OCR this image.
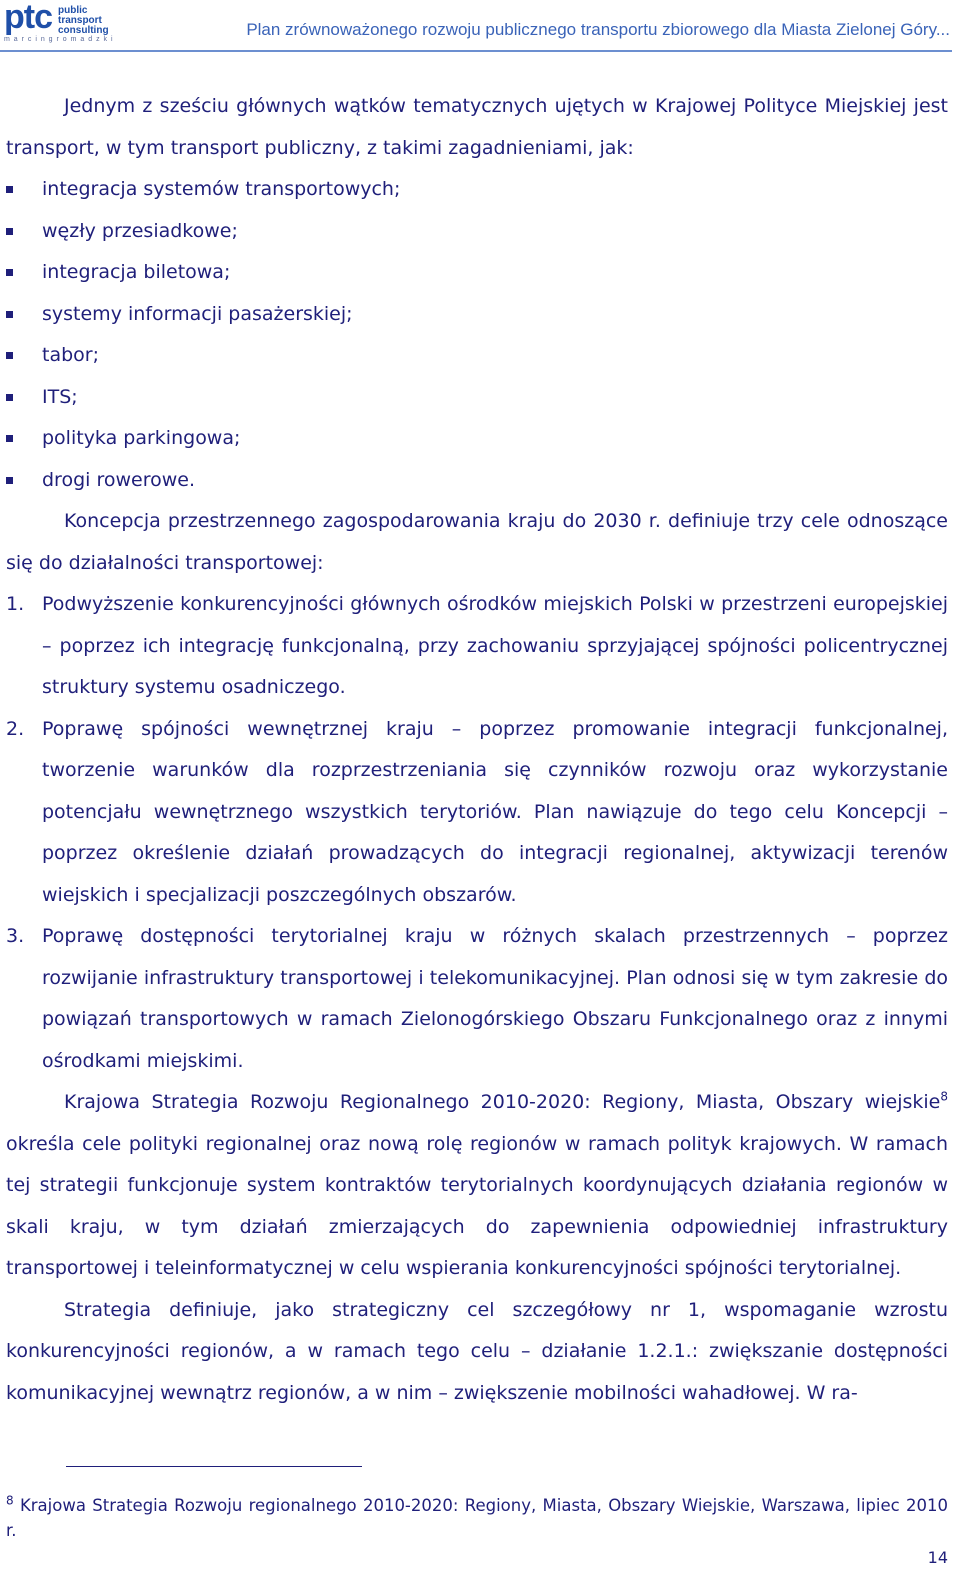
ptc public
transport
consulting
m a r c i n g r o m a d z k i
Plan zrównoważonego rozwoju publicznego transportu zbiorowego dla Miasta Zielonej Góry...

Jednym z sześciu głównych wątków tematycznych ujętych w Krajowej Polityce Miejskiej jest transport, w tym transport publiczny, z takimi zagadnieniami, jak:

integracja systemów transportowych;
węzły przesiadkowe;
integracja biletowa;
systemy informacji pasażerskiej;
tabor;
ITS;
polityka parkingowa;
drogi rowerowe.

Koncepcja przestrzennego zagospodarowania kraju do 2030 r. definiuje trzy cele odnoszące się do działalności transportowej:

1. Podwyższenie konkurencyjności głównych ośrodków miejskich Polski w przestrzeni europejskiej – poprzez ich integrację funkcjonalną, przy zachowaniu sprzyjającej spójności policentrycznej struktury systemu osadniczego.
2. Poprawę spójności wewnętrznej kraju – poprzez promowanie integracji funkcjonalnej, tworzenie warunków dla rozprzestrzeniania się czynników rozwoju oraz wykorzystanie potencjału wewnętrznego wszystkich terytoriów. Plan nawiązuje do tego celu Koncepcji – poprzez określenie działań prowadzących do integracji regionalnej, aktywizacji terenów wiejskich i specjalizacji poszczególnych obszarów.
3. Poprawę dostępności terytorialnej kraju w różnych skalach przestrzennych – poprzez rozwijanie infrastruktury transportowej i telekomunikacyjnej. Plan odnosi się w tym zakresie do powiązań transportowych w ramach Zielonogórskiego Obszaru Funkcjonalnego oraz z innymi ośrodkami miejskimi.

Krajowa Strategia Rozwoju Regionalnego 2010-2020: Regiony, Miasta, Obszary wiejskie$^8$ określa cele polityki regionalnej oraz nową rolę regionów w ramach polityk krajowych. W ramach tej strategii funkcjonuje system kontraktów terytorialnych koordynujących działania regionów w skali kraju, w tym działań zmierzających do zapewnienia odpowiedniej infrastruktury transportowej i teleinformatycznej w celu wspierania konkurencyjności spójności terytorialnej.

Strategia definiuje, jako strategiczny cel szczegółowy nr 1, wspomaganie wzrostu konkurencyjności regionów, a w ramach tego celu – działanie 1.2.1.: zwiększanie dostępności komunikacyjnej wewnątrz regionów, a w nim – zwiększenie mobilności wahadłowej. W ra-

$^8$ Krajowa Strategia Rozwoju regionalnego 2010-2020: Regiony, Miasta, Obszary Wiejskie, Warszawa, lipiec 2010 r.
14
